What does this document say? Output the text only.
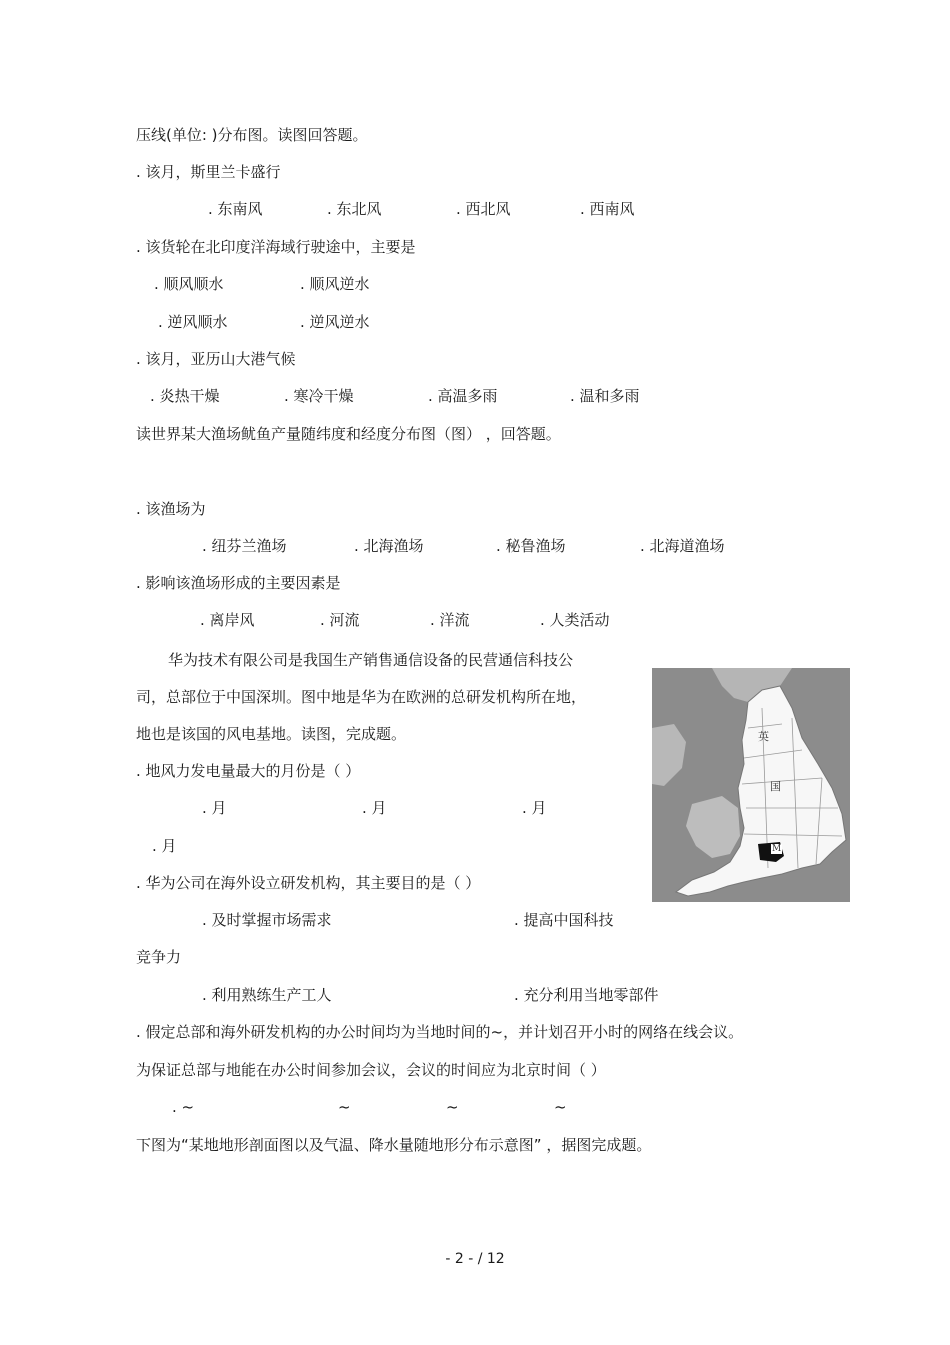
压线(单位: )分布图。读图回答题。
. 该月，斯里兰卡盛行
. 东南风	. 东北风	. 西北风	. 西南风
. 该货轮在北印度洋海域行驶途中，主要是
. 顺风顺水	. 顺风逆水
. 逆风顺水	. 逆风逆水
. 该月，亚历山大港气候
. 炎热干燥	. 寒冷干燥	. 高温多雨	. 温和多雨
读世界某大渔场鱿鱼产量随纬度和经度分布图（图） ，回答题。
. 该渔场为
. 纽芬兰渔场	. 北海渔场	. 秘鲁渔场	. 北海道渔场
. 影响该渔场形成的主要因素是
. 离岸风	. 河流	. 洋流	. 人类活动
华为技术有限公司是我国生产销售通信设备的民营通信科技公
司，总部位于中国深圳。图中地是华为在欧洲的总研发机构所在地，
地也是该国的风电基地。读图，完成题。
. 地风力发电量最大的月份是（ ）
. 月	. 月	. 月
. 月
. 华为公司在海外设立研发机构，其主要目的是（ ）
. 及时掌握市场需求	. 提高中国科技
竞争力
. 利用熟练生产工人	. 充分利用当地零部件
. 假定总部和海外研发机构的办公时间均为当地时间的~，并计划召开小时的网络在线会议。
为保证总部与地能在办公时间参加会议，会议的时间应为北京时间（ ）
. ~	~	~	~
下图为“某地地形剖面图以及气温、降水量随地形分布示意图” ，据图完成题。
英
国
M
- 2 - / 12
